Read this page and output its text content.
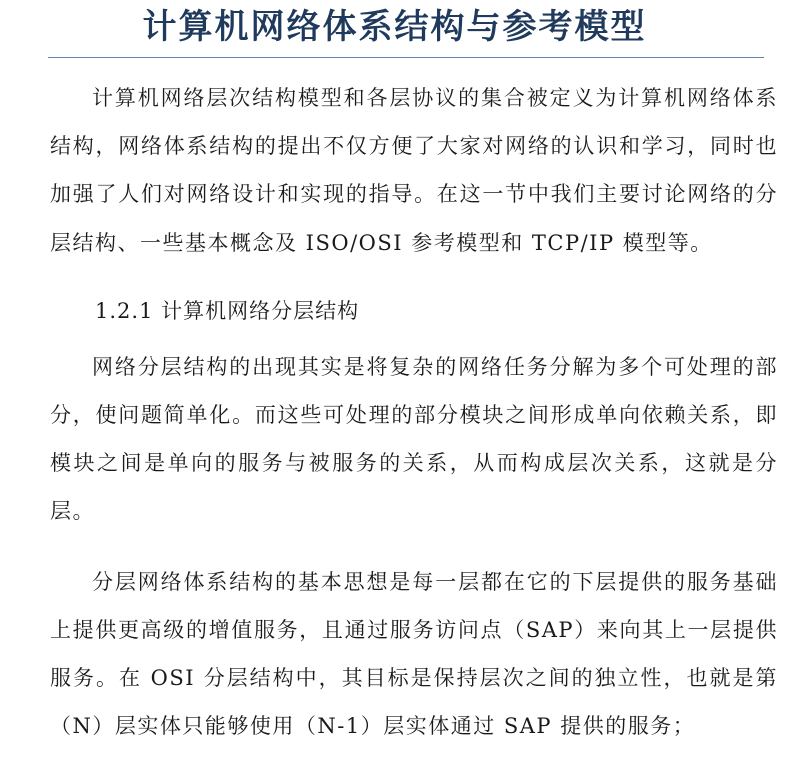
计算机网络体系结构与参考模型

计算机网络层次结构模型和各层协议的集合被定义为计算机网络体系结构，网络体系结构的提出不仅方便了大家对网络的认识和学习，同时也加强了人们对网络设计和实现的指导。在这一节中我们主要讨论网络的分层结构、一些基本概念及 ISO/OSI 参考模型和 TCP/IP 模型等。

1.2.1 计算机网络分层结构

网络分层结构的出现其实是将复杂的网络任务分解为多个可处理的部分，使问题简单化。而这些可处理的部分模块之间形成单向依赖关系，即模块之间是单向的服务与被服务的关系，从而构成层次关系，这就是分层。

分层网络体系结构的基本思想是每一层都在它的下层提供的服务基础上提供更高级的增值服务，且通过服务访问点（SAP）来向其上一层提供服务。在 OSI 分层结构中，其目标是保持层次之间的独立性，也就是第（N）层实体只能够使用（N-1）层实体通过 SAP 提供的服务；
